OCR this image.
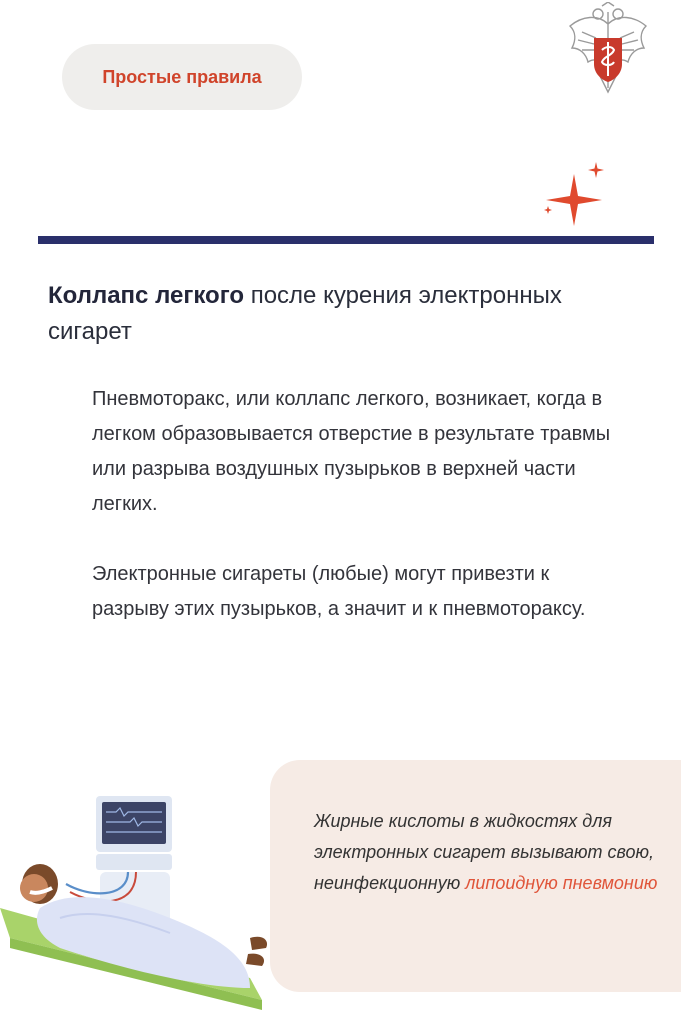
Простые правила
Коллапс легкого после курения электронных сигарет

Пневмоторакс, или коллапс легкого, возникает, когда в легком образовывается отверстие в результате травмы или разрыва воздушных пузырьков в верхней части легких.

Электронные сигареты (любые) могут привезти к разрыву этих пузырьков, а значит и к пневмотораксу.

Жирные кислоты в жидкостях для электронных сигарет вызывают свою, неинфекционную липоидную пневмонию
